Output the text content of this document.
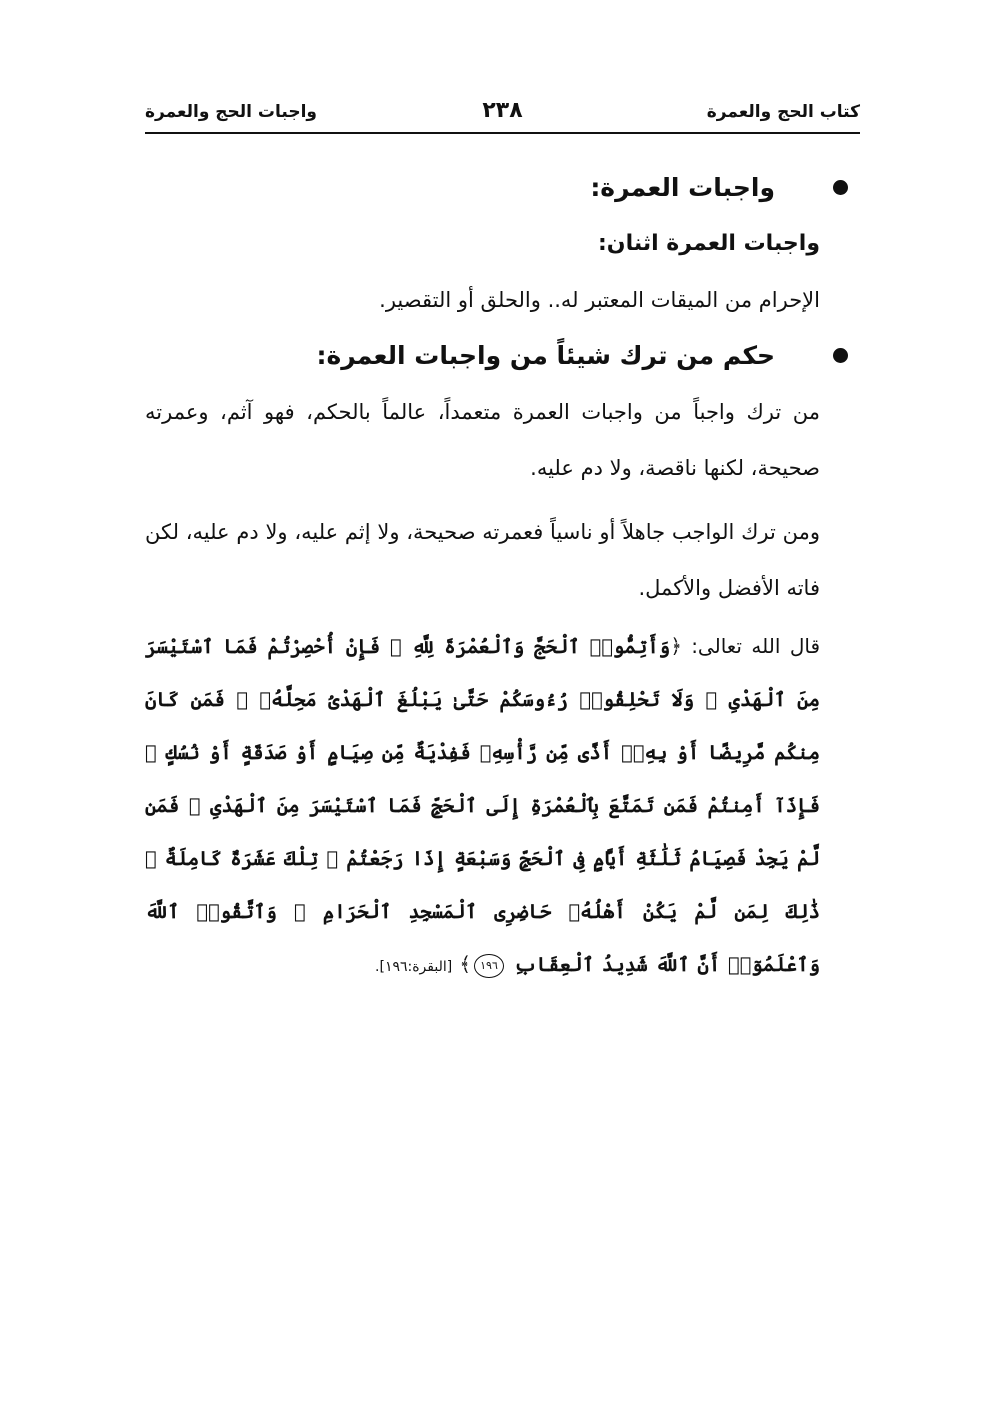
كتاب الحج والعمرة
٢٣٨
واجبات الحج والعمرة
واجبات العمرة:

واجبات العمرة اثنان:

الإحرام من الميقات المعتبر له.. والحلق أو التقصير.

حكم من ترك شيئاً من واجبات العمرة:

من ترك واجباً من واجبات العمرة متعمداً، عالماً بالحكم، فهو آثم، وعمرته صحيحة، لكنها ناقصة، ولا دم عليه.

ومن ترك الواجب جاهلاً أو ناسياً فعمرته صحيحة، ولا إثم عليه، ولا دم عليه، لكن فاته الأفضل والأكمل.

قال الله تعالى: ﴿وَأَتِمُّوا۟ ٱلْحَجَّ وَٱلْعُمْرَةَ لِلَّهِ ۚ فَإِنْ أُحْصِرْتُمْ فَمَا ٱسْتَيْسَرَ مِنَ ٱلْهَدْىِ ۖ وَلَا تَحْلِقُوا۟ رُءُوسَكُمْ حَتَّىٰ يَبْلُغَ ٱلْهَدْىُ مَحِلَّهُۥ ۚ فَمَن كَانَ مِنكُم مَّرِيضًا أَوْ بِهِۦٓ أَذًى مِّن رَّأْسِهِۦ فَفِدْيَةٌ مِّن صِيَامٍ أَوْ صَدَقَةٍ أَوْ نُسُكٍ ۚ فَإِذَآ أَمِنتُمْ فَمَن تَمَتَّعَ بِٱلْعُمْرَةِ إِلَى ٱلْحَجِّ فَمَا ٱسْتَيْسَرَ مِنَ ٱلْهَدْىِ ۚ فَمَن لَّمْ يَجِدْ فَصِيَامُ ثَلَٰثَةِ أَيَّامٍ فِى ٱلْحَجِّ وَسَبْعَةٍ إِذَا رَجَعْتُمْ ۗ تِلْكَ عَشَرَةٌ كَامِلَةٌ ۗ ذَٰلِكَ لِمَن لَّمْ يَكُنْ أَهْلُهُۥ حَاضِرِى ٱلْمَسْجِدِ ٱلْحَرَامِ ۚ وَٱتَّقُوا۟ ٱللَّهَ وَٱعْلَمُوٓا۟ أَنَّ ٱللَّهَ شَدِيدُ ٱلْعِقَابِ ١٩٦﴾ [البقرة:١٩٦].
